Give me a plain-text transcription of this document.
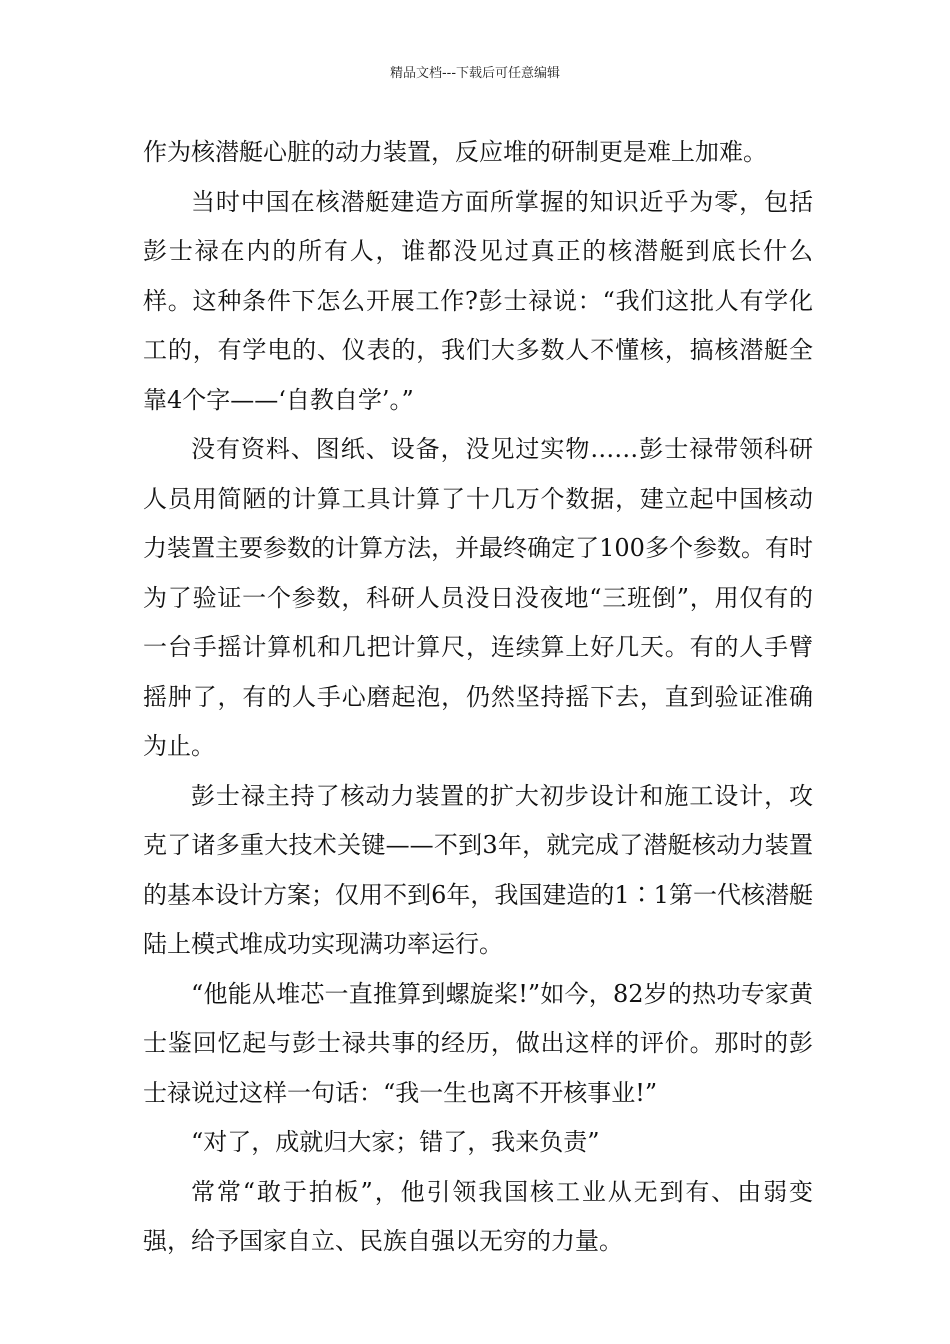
精品文档---下载后可任意编辑

作为核潜艇心脏的动力装置，反应堆的研制更是难上加难。

当时中国在核潜艇建造方面所掌握的知识近乎为零，包括彭士禄在内的所有人，谁都没见过真正的核潜艇到底长什么样。这种条件下怎么开展工作?彭士禄说：“我们这批人有学化工的，有学电的、仪表的，我们大多数人不懂核，搞核潜艇全靠4个字——‘自教自学’。”

没有资料、图纸、设备，没见过实物……彭士禄带领科研人员用简陋的计算工具计算了十几万个数据，建立起中国核动力装置主要参数的计算方法，并最终确定了100多个参数。有时为了验证一个参数，科研人员没日没夜地“三班倒”，用仅有的一台手摇计算机和几把计算尺，连续算上好几天。有的人手臂摇肿了，有的人手心磨起泡，仍然坚持摇下去，直到验证准确为止。

彭士禄主持了核动力装置的扩大初步设计和施工设计，攻克了诸多重大技术关键——不到3年，就完成了潜艇核动力装置的基本设计方案；仅用不到6年，我国建造的1∶1第一代核潜艇陆上模式堆成功实现满功率运行。

“他能从堆芯一直推算到螺旋桨!”如今，82岁的热功专家黄士鉴回忆起与彭士禄共事的经历，做出这样的评价。那时的彭士禄说过这样一句话：“我一生也离不开核事业!”

“对了，成就归大家；错了，我来负责”

常常“敢于拍板”，他引领我国核工业从无到有、由弱变强，给予国家自立、民族自强以无穷的力量。
